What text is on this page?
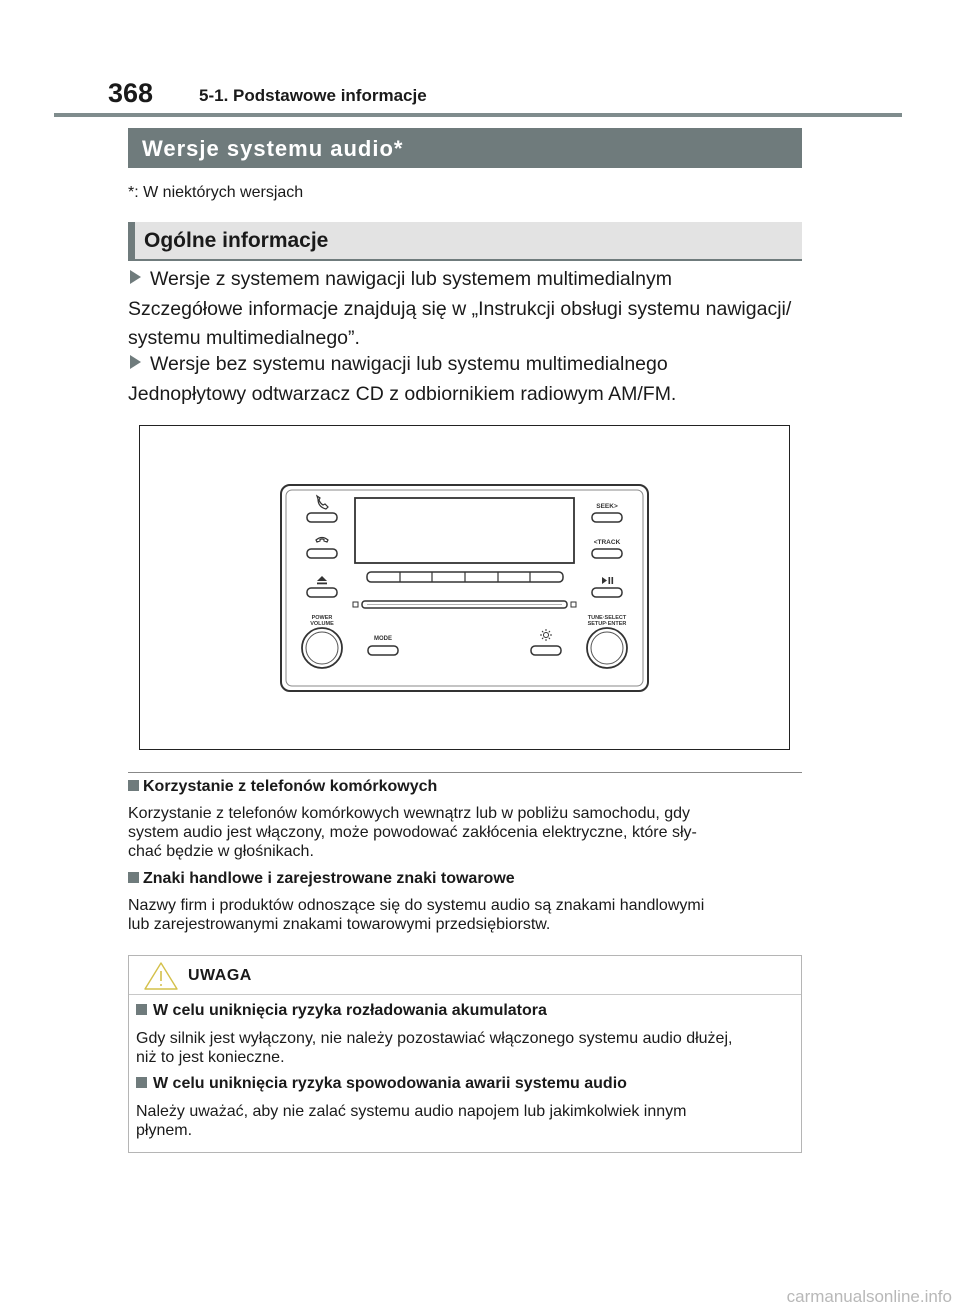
368	5-1. Podstawowe informacje
Wersje systemu audio*
*: W niektórych wersjach
Ogólne informacje
Wersje z systemem nawigacji lub systemem multimedialnym
Szczegółowe informacje znajdują się w „Instrukcji obsługi systemu nawigacji/
systemu multimedialnego”.
Wersje bez systemu nawigacji lub systemu multimedialnego
Jednopłytowy odtwarzacz CD z odbiornikiem radiowym AM/FM.
SEEK>
<TRACK
POWER
VOLUME
TUNE·SELECT
SETUP·ENTER
MODE
Korzystanie z telefonów komórkowych
Korzystanie z telefonów komórkowych wewnątrz lub w pobliżu samochodu, gdy
system audio jest włączony, może powodować zakłócenia elektryczne, które sły-
chać będzie w głośnikach.
Znaki handlowe i zarejestrowane znaki towarowe
Nazwy firm i produktów odnoszące się do systemu audio są znakami handlowymi
lub zarejestrowanymi znakami towarowymi przedsiębiorstw.
UWAGA
W celu uniknięcia ryzyka rozładowania akumulatora
Gdy silnik jest wyłączony, nie należy pozostawiać włączonego systemu audio dłużej,
niż to jest konieczne.
W celu uniknięcia ryzyka spowodowania awarii systemu audio
Należy uważać, aby nie zalać systemu audio napojem lub jakimkolwiek innym
płynem.
carmanualsonline.info
